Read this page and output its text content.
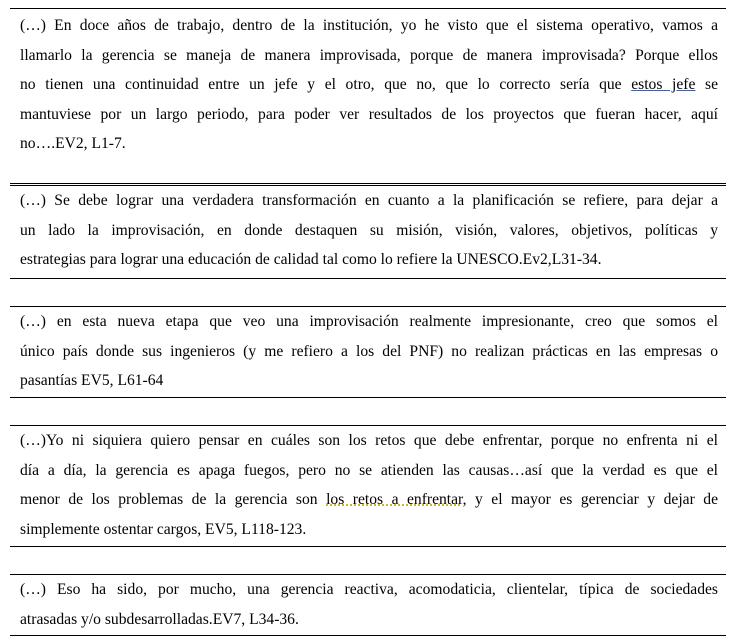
(…) En doce años de trabajo, dentro de la institución, yo he visto que el sistema operativo, vamos a
llamarlo la gerencia se maneja de manera improvisada, porque de manera improvisada? Porque ellos
no tienen una continuidad entre un jefe y el otro, que no, que lo correcto sería que estos jefe se
mantuviese por un largo periodo, para poder ver resultados de los proyectos que fueran hacer, aquí
no….EV2, L1-7.
(…) Se debe lograr una verdadera transformación en cuanto a la planificación se refiere, para dejar a
un lado la improvisación, en donde destaquen su misión, visión, valores, objetivos, políticas y
estrategias para lograr una educación de calidad tal como lo refiere la UNESCO.Ev2,L31-34.
(…) en esta nueva etapa que veo una improvisación realmente impresionante, creo que somos el
único país donde sus ingenieros (y me refiero a los del PNF) no realizan prácticas en las empresas o
pasantías EV5, L61-64
(…)Yo ni siquiera quiero pensar en cuáles son los retos que debe enfrentar, porque no enfrenta ni el
día a día, la gerencia es apaga fuegos, pero no se atienden las causas…así que la verdad es que el
menor de los problemas de la gerencia son los retos a enfrentar, y el mayor es gerenciar y dejar de
simplemente ostentar cargos, EV5, L118-123.
(…) Eso ha sido, por mucho, una gerencia reactiva, acomodaticia, clientelar, típica de sociedades
atrasadas y/o subdesarrolladas.EV7, L34-36.
